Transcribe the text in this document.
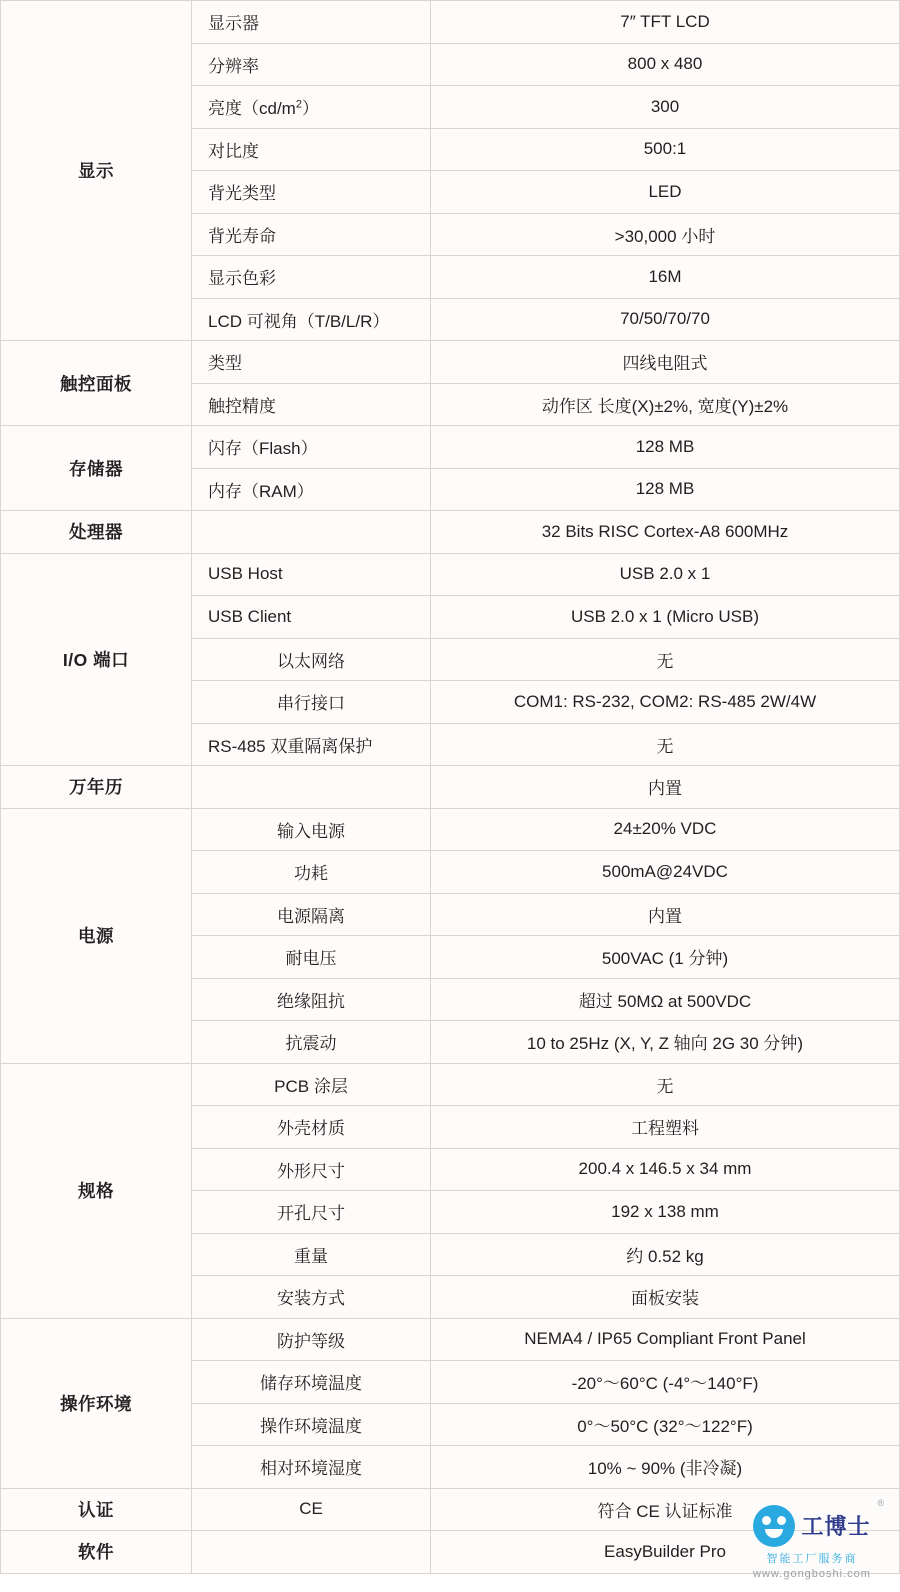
显示	显示器	7″ TFT LCD
	分辨率	800 x 480
	亮度$(cd/m^2)$	300
	对比度	500:1
	背光类型	LED
	背光寿命	>30,000 小时
	显示色彩	16M
	LCD 可视角（T/B/L/R）	70/50/70/70
触控面板	类型	四线电阻式
	触控精度	动作区 长度(X)±2%, 宽度(Y)±2%
存储器	闪存（Flash）	128 MB
	内存（RAM）	128 MB
处理器		32 Bits RISC Cortex-A8 600MHz
I/O 端口	USB Host	USB 2.0 x 1
	USB Client	USB 2.0 x 1 (Micro USB)
	以太网络	无
	串行接口	COM1: RS-232, COM2: RS-485 2W/4W
	RS-485 双重隔离保护	无
万年历		内置
电源	输入电源	24±20% VDC
	功耗	500mA@24VDC
	电源隔离	内置
	耐电压	500VAC (1 分钟)
	绝缘阻抗	超过 50MΩ at 500VDC
	抗震动	10 to 25Hz (X, Y, Z 轴向 2G 30 分钟)
规格	PCB 涂层	无
	外壳材质	工程塑料
	外形尺寸	200.4 x 146.5 x 34 mm
	开孔尺寸	192 x 138 mm
	重量	约 0.52 kg
	安装方式	面板安装
操作环境	防护等级	NEMA4 / IP65 Compliant Front Panel
	储存环境温度	-20°～60°C (-4°～140°F)
	操作环境温度	0°～50°C (32°～122°F)
	相对环境湿度	10% ~ 90% (非冷凝)
认证	CE	符合 CE 认证标准
软件		EasyBuilder Pro
®
工博士
智能工厂服务商
www.gongboshi.com
